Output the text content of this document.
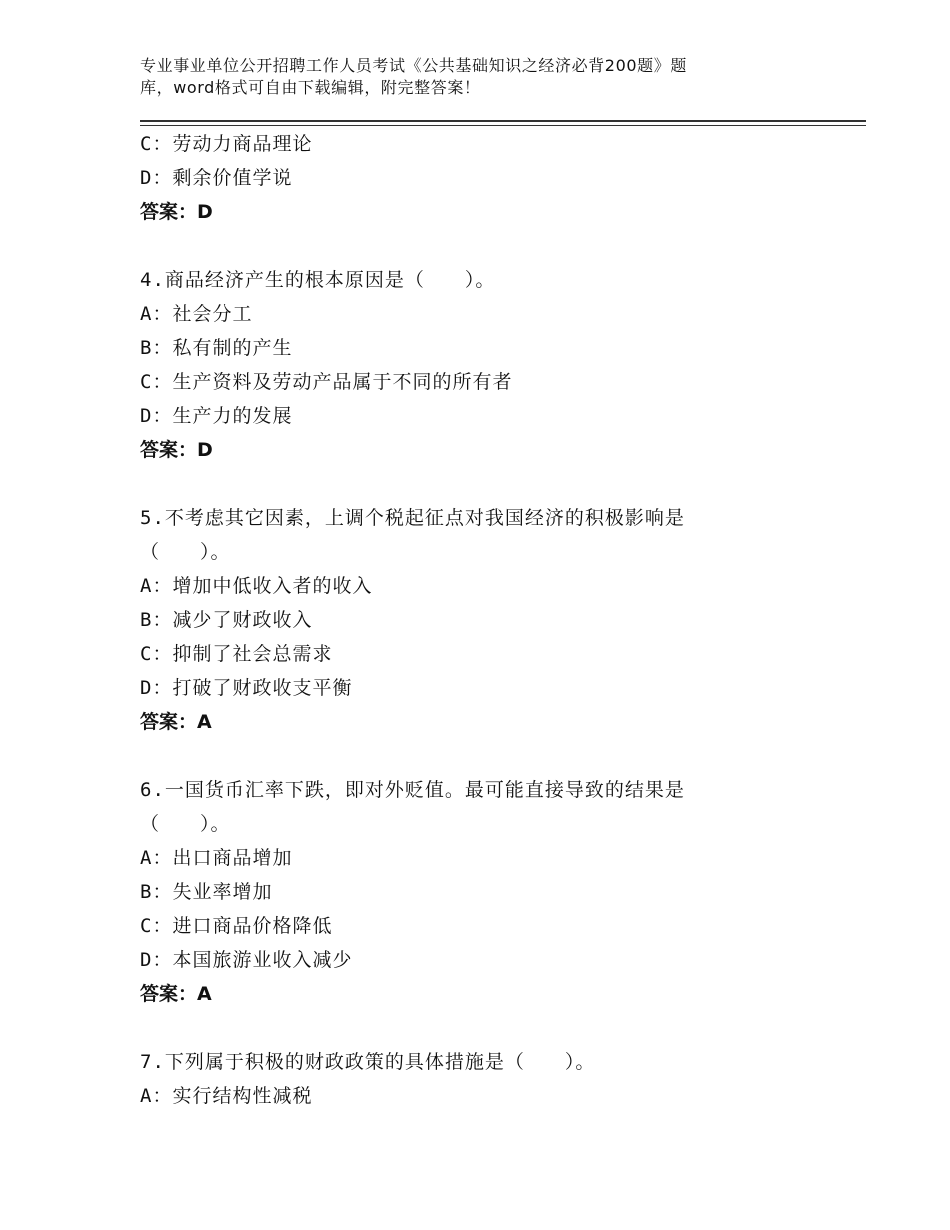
专业事业单位公开招聘工作人员考试《公共基础知识之经济必背200题》题
库，word格式可自由下载编辑，附完整答案！
C：劳动力商品理论
D：剩余价值学说
答案：D
4.商品经济产生的根本原因是（　　）。
A：社会分工
B：私有制的产生
C：生产资料及劳动产品属于不同的所有者
D：生产力的发展
答案：D
5.不考虑其它因素，上调个税起征点对我国经济的积极影响是
（　　）。
A：增加中低收入者的收入
B：减少了财政收入
C：抑制了社会总需求
D：打破了财政收支平衡
答案：A
6.一国货币汇率下跌，即对外贬值。最可能直接导致的结果是
（　　）。
A：出口商品增加
B：失业率增加
C：进口商品价格降低
D：本国旅游业收入减少
答案：A
7.下列属于积极的财政政策的具体措施是（　　）。
A：实行结构性减税
